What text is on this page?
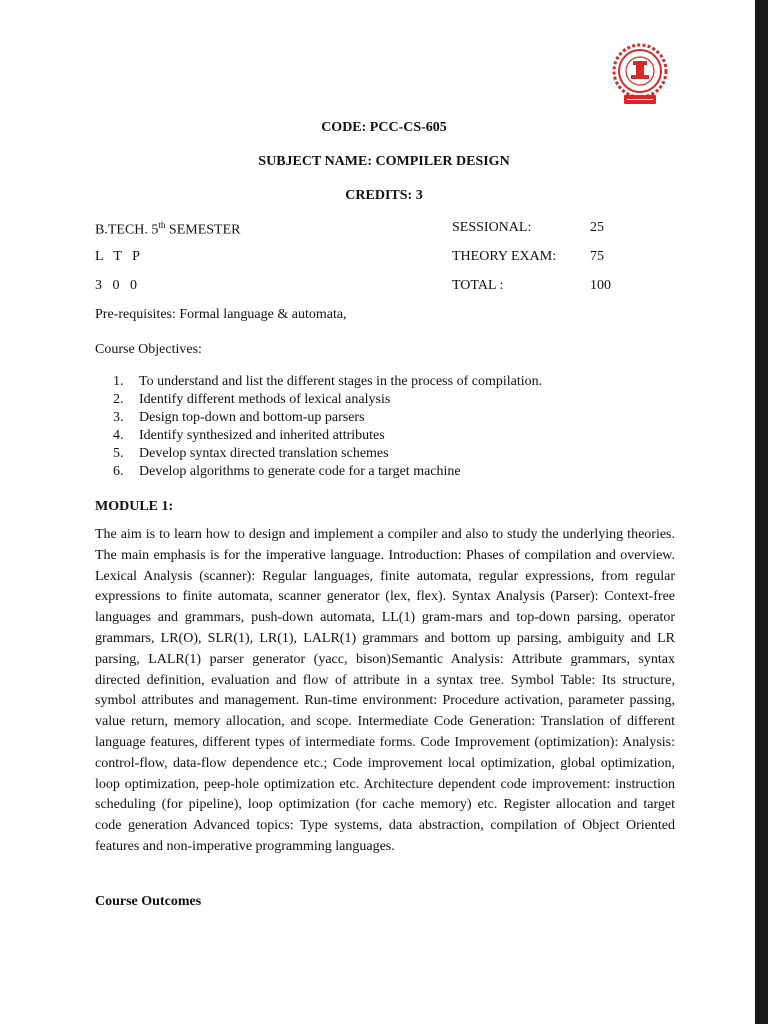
CODE: PCC-CS-605
SUBJECT NAME: COMPILER DESIGN
CREDITS: 3
B.TECH. 5th SEMESTER
L   T   P
3   0   0
SESSIONAL:	25
THEORY EXAM: 75
TOTAL :	100
Pre-requisites: Formal language & automata,
Course Objectives:
1. To understand and list the different stages in the process of compilation.
2. Identify different methods of lexical analysis
3. Design top-down and bottom-up parsers
4. Identify synthesized and inherited attributes
5. Develop syntax directed translation schemes
6. Develop algorithms to generate code for a target machine
MODULE 1:
The aim is to learn how to design and implement a compiler and also to study the underlying theories. The main emphasis is for the imperative language. Introduction: Phases of compilation and overview. Lexical Analysis (scanner): Regular languages, finite automata, regular expressions, from regular expressions to finite automata, scanner generator (lex, flex). Syntax Analysis (Parser): Context-free languages and grammars, push-down automata, LL(1) gram-mars and top-down parsing, operator grammars, LR(O), SLR(1), LR(1), LALR(1) grammars and bottom up parsing, ambiguity and LR parsing, LALR(1) parser generator (yacc, bison)Semantic Analysis: Attribute grammars, syntax directed definition, evaluation and flow of attribute in a syntax tree. Symbol Table: Its structure, symbol attributes and management. Run-time environment: Procedure activation, parameter passing, value return, memory allocation, and scope. Intermediate Code Generation: Translation of different language features, different types of intermediate forms. Code Improvement (optimization): Analysis: control-flow, data-flow dependence etc.; Code improvement local optimization, global optimization, loop optimization, peep-hole optimization etc. Architecture dependent code improvement: instruction scheduling (for pipeline), loop optimization (for cache memory) etc. Register allocation and target code generation Advanced topics: Type systems, data abstraction, compilation of Object Oriented features and non-imperative programming languages.
Course Outcomes
